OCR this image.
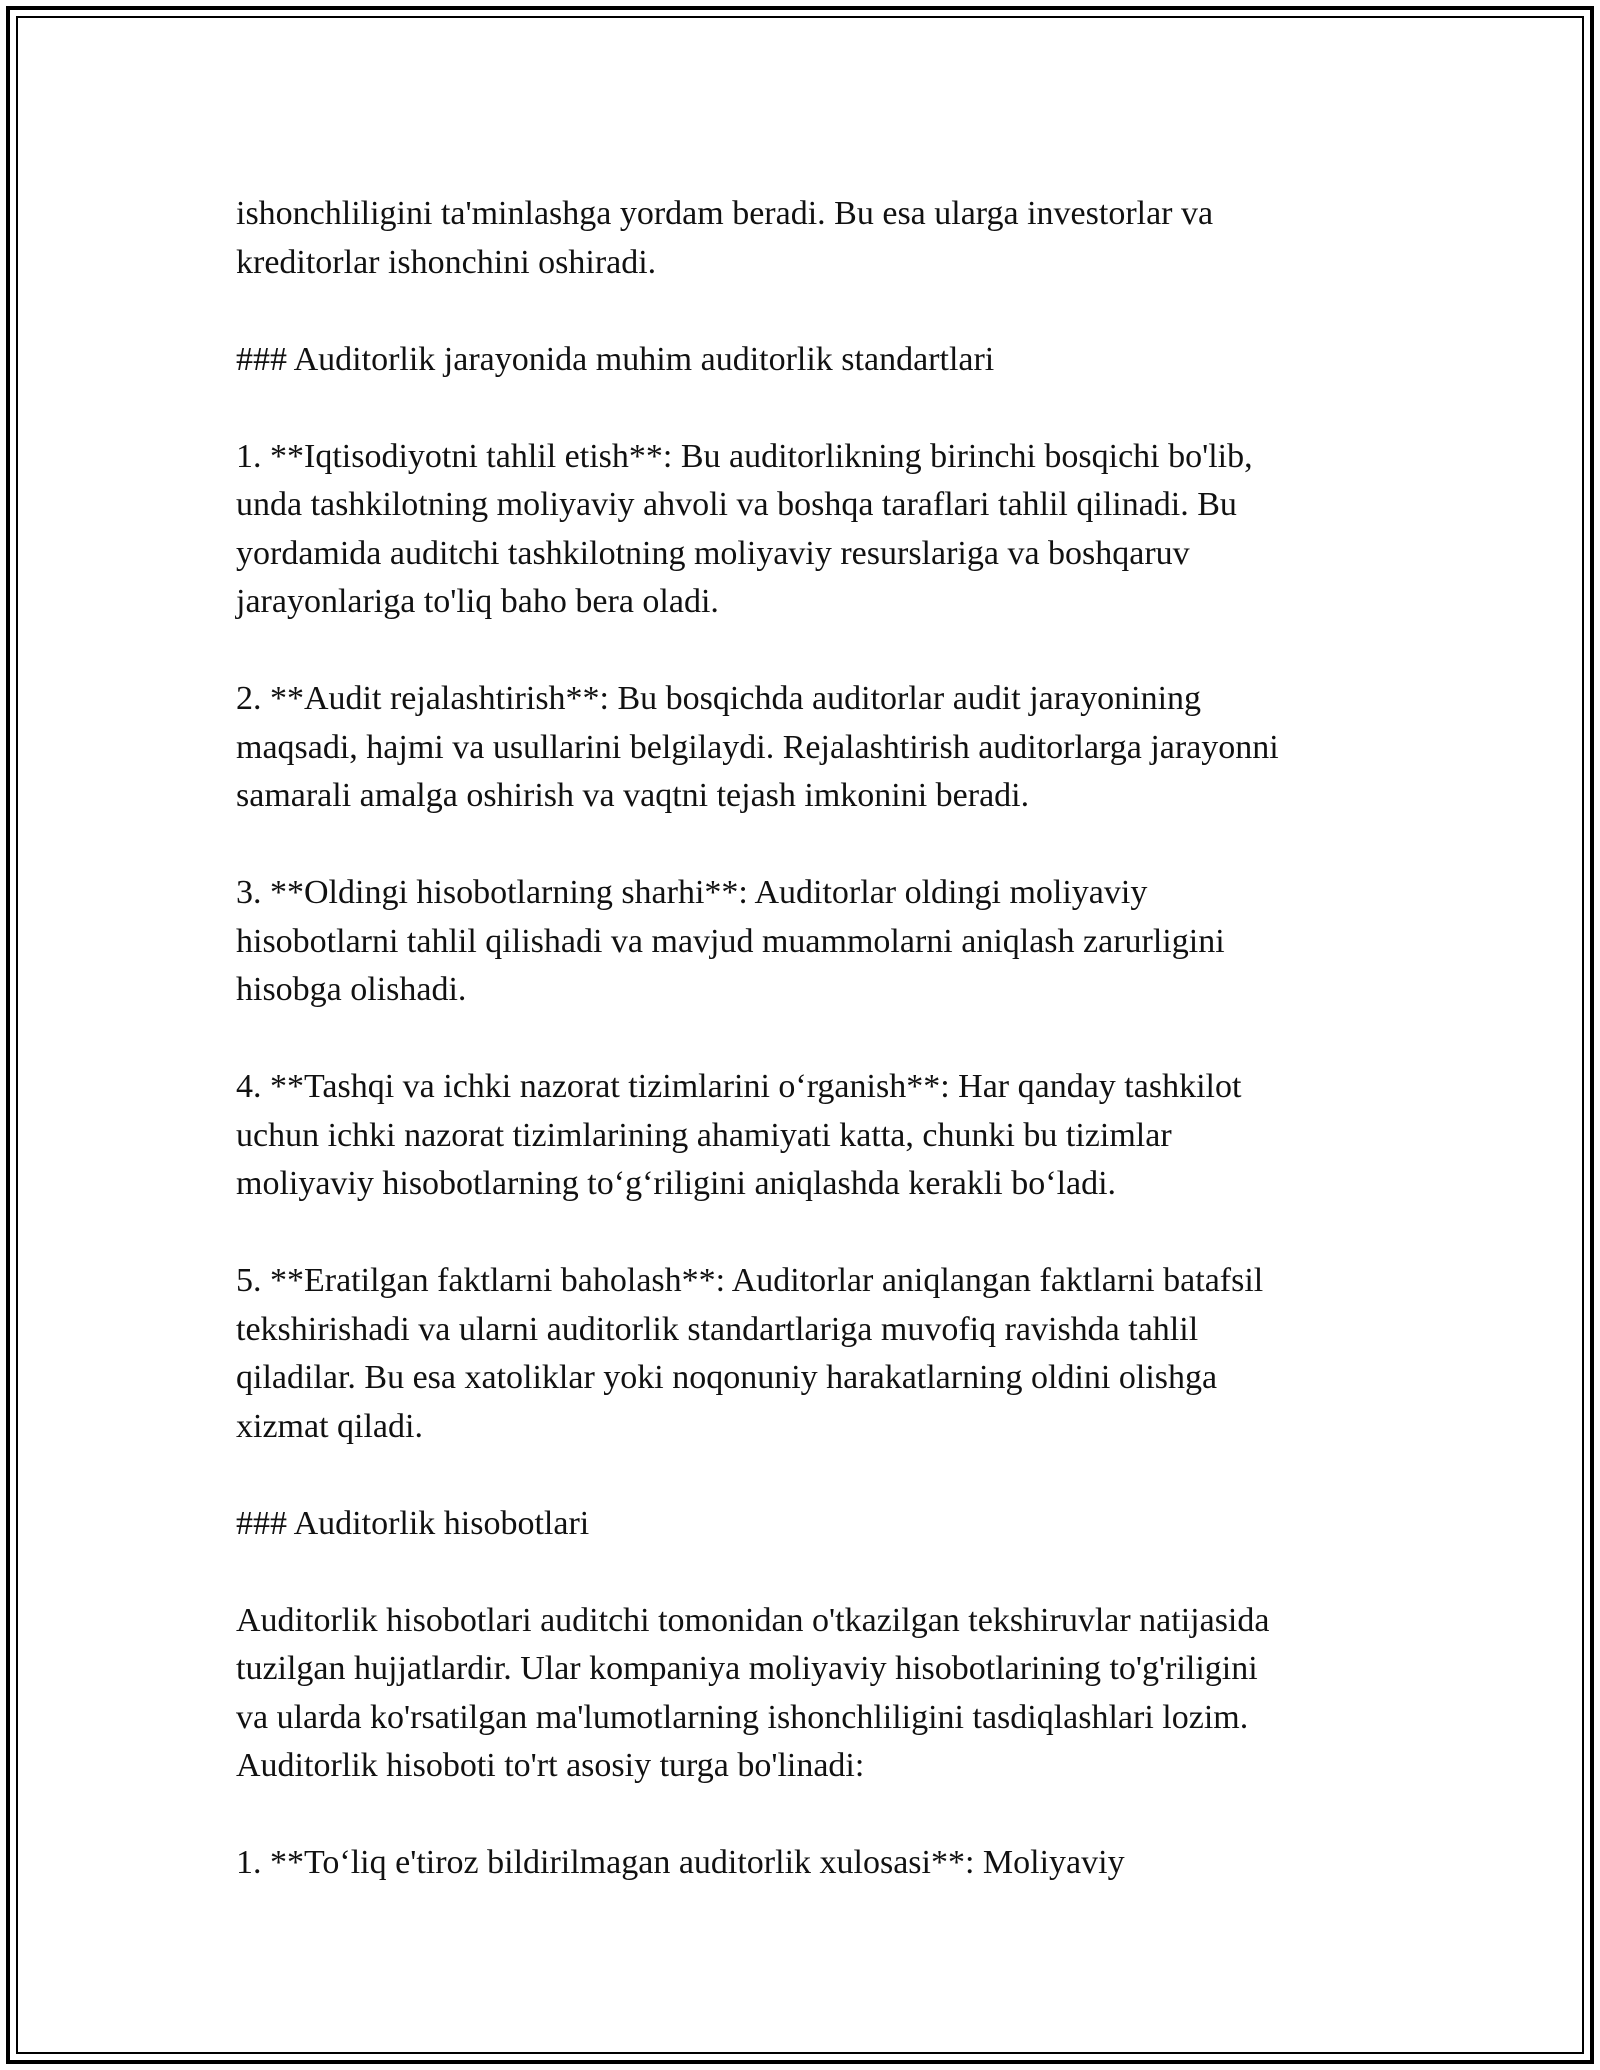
ishonchliligini ta'minlashga yordam beradi. Bu esa ularga investorlar va
kreditorlar ishonchini oshiradi.

### Auditorlik jarayonida muhim auditorlik standartlari

1. **Iqtisodiyotni tahlil etish**: Bu auditorlikning birinchi bosqichi bo'lib,
unda tashkilotning moliyaviy ahvoli va boshqa taraflari tahlil qilinadi. Bu
yordamida auditchi tashkilotning moliyaviy resurslariga va boshqaruv
jarayonlariga to'liq baho bera oladi.

2. **Audit rejalashtirish**: Bu bosqichda auditorlar audit jarayonining
maqsadi, hajmi va usullarini belgilaydi. Rejalashtirish auditorlarga jarayonni
samarali amalga oshirish va vaqtni tejash imkonini beradi.

3. **Oldingi hisobotlarning sharhi**: Auditorlar oldingi moliyaviy
hisobotlarni tahlil qilishadi va mavjud muammolarni aniqlash zarurligini
hisobga olishadi.

4. **Tashqi va ichki nazorat tizimlarini o‘rganish**: Har qanday tashkilot
uchun ichki nazorat tizimlarining ahamiyati katta, chunki bu tizimlar
moliyaviy hisobotlarning to‘g‘riligini aniqlashda kerakli bo‘ladi.

5. **Eratilgan faktlarni baholash**: Auditorlar aniqlangan faktlarni batafsil
tekshirishadi va ularni auditorlik standartlariga muvofiq ravishda tahlil
qiladilar. Bu esa xatoliklar yoki noqonuniy harakatlarning oldini olishga
xizmat qiladi.

### Auditorlik hisobotlari

Auditorlik hisobotlari auditchi tomonidan o'tkazilgan tekshiruvlar natijasida
tuzilgan hujjatlardir. Ular kompaniya moliyaviy hisobotlarining to'g'riligini
va ularda ko'rsatilgan ma'lumotlarning ishonchliligini tasdiqlashlari lozim.
Auditorlik hisoboti to'rt asosiy turga bo'linadi:

1. **To‘liq e'tiroz bildirilmagan auditorlik xulosasi**: Moliyaviy
